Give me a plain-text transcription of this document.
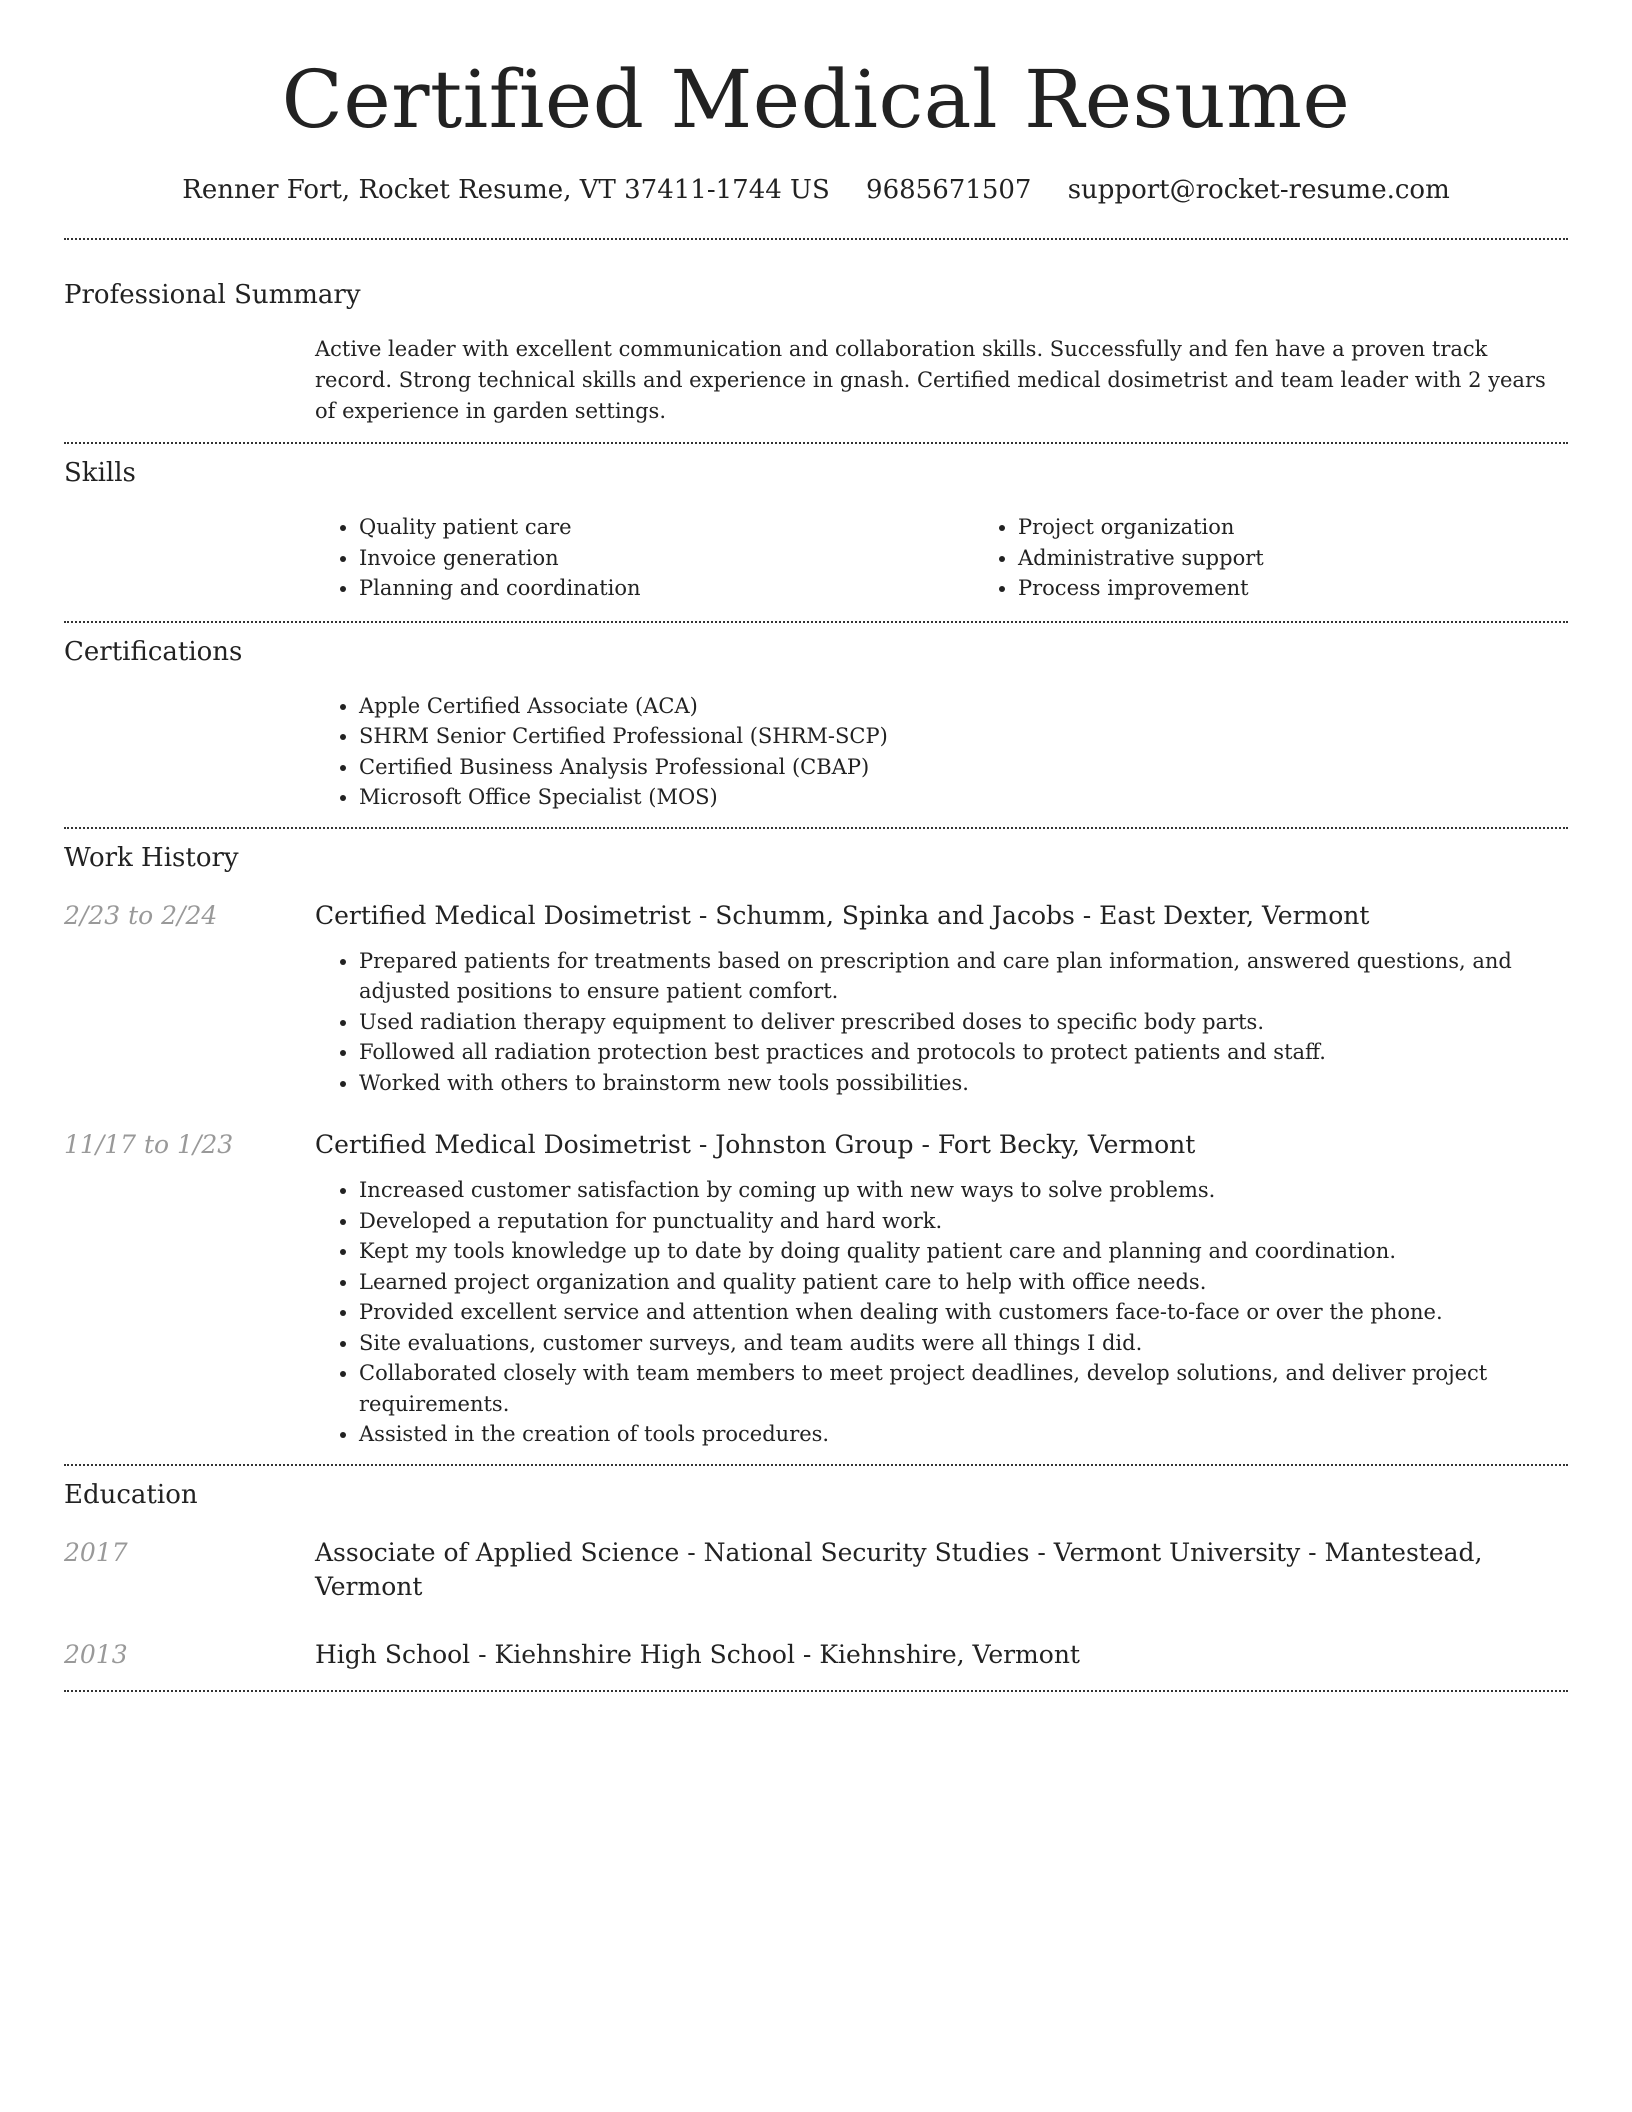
Certified Medical Resume
Renner Fort, Rocket Resume, VT 37411-1744 US 9685671507 support@rocket-resume.com
Professional Summary

Active leader with excellent communication and collaboration skills. Successfully and fen have a proven track record. Strong technical skills and experience in gnash. Certified medical dosimetrist and team leader with 2 years of experience in garden settings.

Skills
• Quality patient care
• Invoice generation
• Planning and coordination
• Project organization
• Administrative support
• Process improvement
Certifications
• Apple Certified Associate (ACA)
• SHRM Senior Certified Professional (SHRM-SCP)
• Certified Business Analysis Professional (CBAP)
• Microsoft Office Specialist (MOS)
Work History
2/23 to 2/24	Certified Medical Dosimetrist - Schumm, Spinka and Jacobs - East Dexter, Vermont
• Prepared patients for treatments based on prescription and care plan information, answered questions, and adjusted positions to ensure patient comfort.
• Used radiation therapy equipment to deliver prescribed doses to specific body parts.
• Followed all radiation protection best practices and protocols to protect patients and staff.
• Worked with others to brainstorm new tools possibilities.
11/17 to 1/23	Certified Medical Dosimetrist - Johnston Group - Fort Becky, Vermont
• Increased customer satisfaction by coming up with new ways to solve problems.
• Developed a reputation for punctuality and hard work.
• Kept my tools knowledge up to date by doing quality patient care and planning and coordination.
• Learned project organization and quality patient care to help with office needs.
• Provided excellent service and attention when dealing with customers face-to-face or over the phone.
• Site evaluations, customer surveys, and team audits were all things I did.
• Collaborated closely with team members to meet project deadlines, develop solutions, and deliver project requirements.
• Assisted in the creation of tools procedures.
Education
2017	Associate of Applied Science - National Security Studies - Vermont University - Mantestead, Vermont
2013	High School - Kiehnshire High School - Kiehnshire, Vermont
